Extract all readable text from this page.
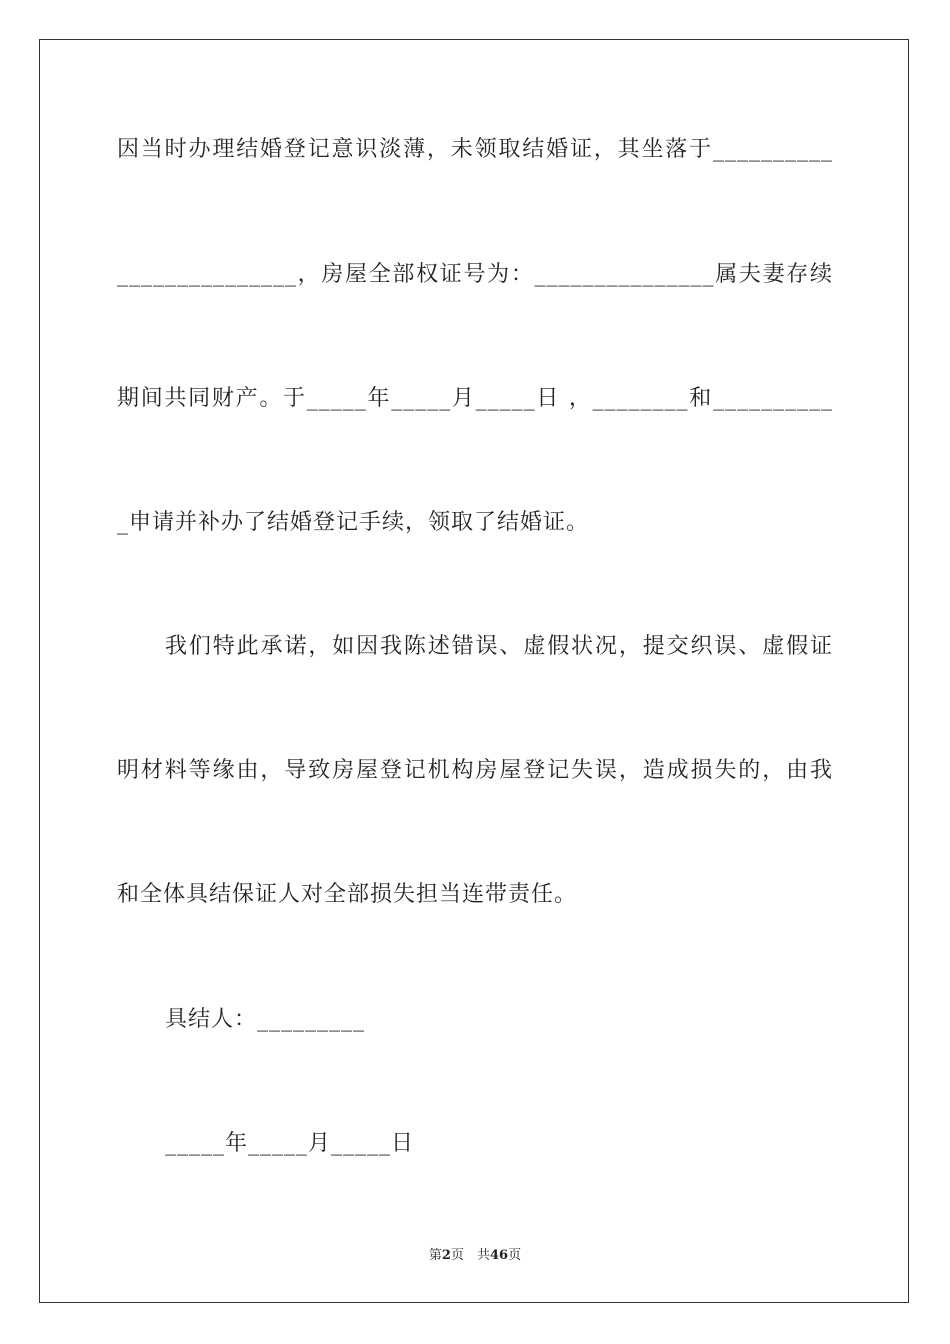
因当时办理结婚登记意识淡薄，未领取结婚证，其坐落于__________
_______________，房屋全部权证号为：_______________属夫妻存续
期间共同财产。于_____年_____月_____日 ，________和__________
_申请并补办了结婚登记手续，领取了结婚证。
我们特此承诺，如因我陈述错误、虚假状况，提交织误、虚假证
明材料等缘由，导致房屋登记机构房屋登记失误，造成损失的，由我
和全体具结保证人对全部损失担当连带责任。
具结人：_________
_____年_____月_____日
第2页　共46页
